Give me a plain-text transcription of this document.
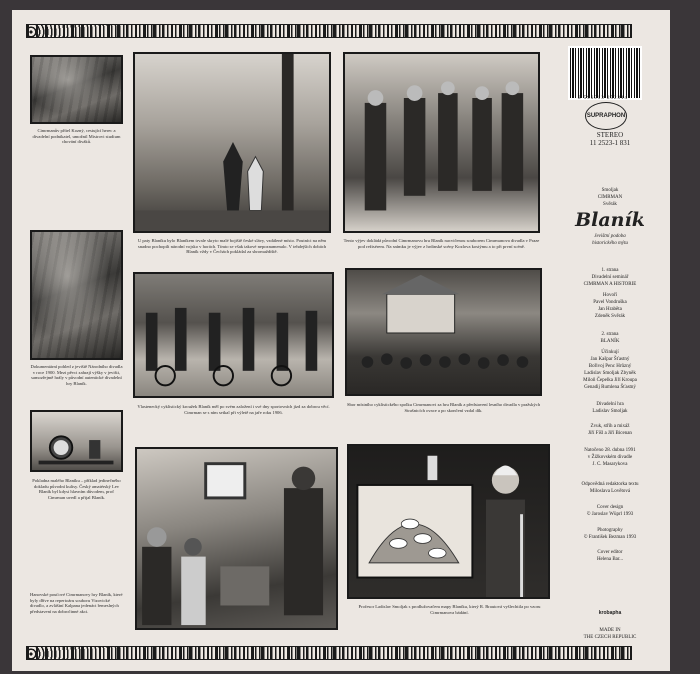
Cimrmanův přítel Kozný, cestující herec a divadelní podnikatel, umožnil Mistrovi studium chování diváků.
Dokumentární pohled z jeviště Národního divadla v roce 1900. Mezi pěvci zahrají výšky v jevišti, samozřejmě hrály v původní autentické divadelní hry Blaník.
Pokladna malého Blaníku – příklad jedinečného dokladu původní kulisy. Český amatérský Lev Blaník byl kdysi hlavním důvodem, proč Cimrman uvedl a přijal Blaník.
Hanovské pouťové Cimrmanovy hry Blaník, které byly dříve na repertoáru souboru Vizovické divadlo, a zvláštní Kalpana jedenáct řemeslných představení na dobročinné akci.
U paty Blaníku bylo Blaníkem trvale skryto malé bojiště české slávy, vzdálené místo. Poutníci na něm snadno pochopili národní vojsko v horách. Tímto se však takové nepoznamenalo. V tehdejších dobách Blaník vždy v Čechách pokládal za shromaždiště.
Tento výjev dokládá původní Cimrmanovu hru Blaník nacvičenou souborem Cimrmanova divadla v Praze pod režisérem. Na snímku je výjev z hrdinské scény Kozlova kostýmu a to při první scéně.
Vlastenecký cyklistický kroužek Blaník měl po svém založení i své dny sportovních jízd za dobrou věcí. Cimrman se s ním setkal při výletě na jaře roku 1906.
Sbor místního cyklistického spolku Cimrmanovi za hru Blaník a představení lesního divadla v pražských Strašnicích ovace a po skončení vzdal dík.
Profesor Ladislav Smoljak s prodlužovačem mapy Blaníku, který R. Brautová vyšlechtila po vzoru Cimrmanova bádání.
8 596913 252314
SUPRAPHON
STEREO
11 2523-1 831
Smoljak
CIMRMAN
Svěrák
Blaník
Jevištní podoba
historického mýtu
1. strana
Divadelní seminář
CIMRMAN A HISTORIE
Hovoří
Pavel Vondruška
Jan Hraběta
Zdeněk Svěrák
2. strana
BLANÍK
Účinkují
Jan Kašpar Šťastný
Bořivoj Penc Hrůzný
Ladislav Smoljak Zbyněk
Miloň Čepelka Jiří Kroupa
Genadij Rumlena Šťastný
Divadelní hra
Ladislav Smoljak
Zvuk, střih a mixáž
Jiří Fíšl a Jiří Bicenan
Natočeno 28. dubna 1991
v Žižkovském divadle
J. C. Masarykova
Odpovědná redaktorka textu
Miloslava Lovětová
Cover design
© Jaroslav Wüprl 1993
Photography
© František Bezman 1993
Cover editor
Helena Bar...
krobapha
MADE IN
THE CZECH REPUBLIC
